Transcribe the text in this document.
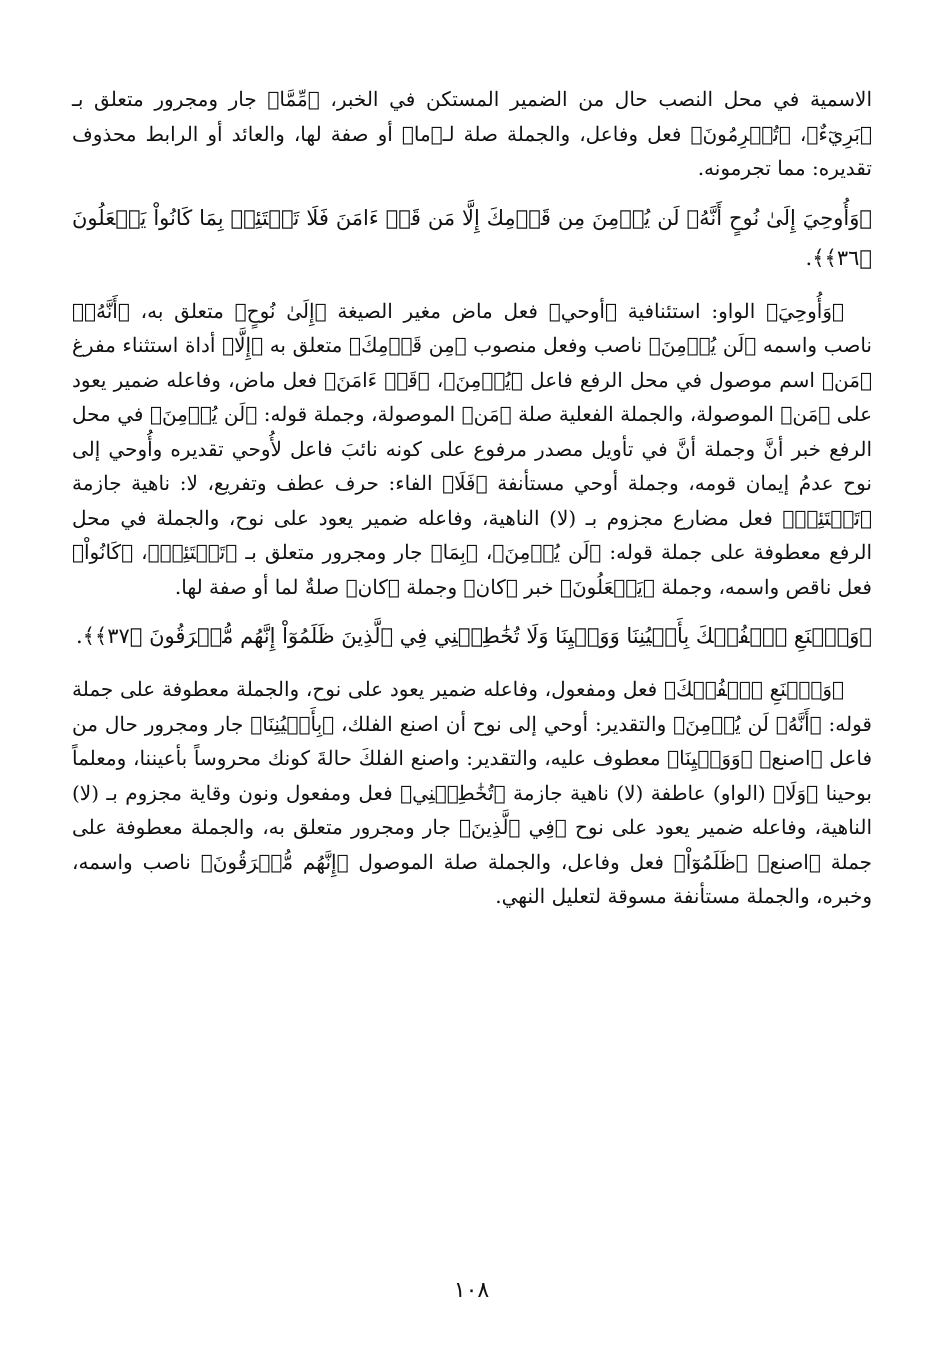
الاسمية في محل النصب حال من الضمير المستكن في الخبر، ﴿مِّمَّا﴾ جار ومجرور متعلق بـ ﴿بَرِيٓءٌ﴾، ﴿تُجۡرِمُونَ﴾ فعل وفاعل، والجملة صلة لـ﴿ما﴾ أو صفة لها، والعائد أو الرابط محذوف تقديره: مما تجرمونه.

﴿وَأُوحِيَ إِلَىٰ نُوحٍ أَنَّهُۥ لَن يُؤۡمِنَ مِن قَوۡمِكَ إِلَّا مَن قَدۡ ءَامَنَ فَلَا تَبۡتَئِسۡ بِمَا كَانُواْ يَفۡعَلُونَ ﴿٣٦﴾﴾.

﴿وَأُوحِيَ﴾ الواو: استئنافية ﴿أوحي﴾ فعل ماض مغير الصيغة ﴿إِلَىٰ نُوحٍ﴾ متعلق به، ﴿أَنَّهُۥ﴾ ناصب واسمه ﴿لَن يُؤۡمِنَ﴾ ناصب وفعل منصوب ﴿مِن قَوۡمِكَ﴾ متعلق به ﴿إِلَّا﴾ أداة استثناء مفرغ ﴿مَن﴾ اسم موصول في محل الرفع فاعل ﴿يُؤۡمِنَ﴾، ﴿قَدۡ ءَامَنَ﴾ فعل ماض، وفاعله ضمير يعود على ﴿مَن﴾ الموصولة، والجملة الفعلية صلة ﴿مَن﴾ الموصولة، وجملة قوله: ﴿لَن يُؤۡمِنَ﴾ في محل الرفع خبر أنَّ وجملة أنَّ في تأويل مصدر مرفوع على كونه نائبَ فاعل لأُوحي تقديره وأُوحي إلى نوح عدمُ إيمان قومه، وجملة أوحي مستأنفة ﴿فَلَا﴾ الفاء: حرف عطف وتفريع، لا: ناهية جازمة ﴿تَبۡتَئِسۡ﴾ فعل مضارع مجزوم بـ (لا) الناهية، وفاعله ضمير يعود على نوح، والجملة في محل الرفع معطوفة على جملة قوله: ﴿لَن يُؤۡمِنَ﴾، ﴿بِمَا﴾ جار ومجرور متعلق بـ ﴿تَبۡتَئِسۡ﴾، ﴿كَانُواْ﴾ فعل ناقص واسمه، وجملة ﴿يَفۡعَلُونَ﴾ خبر ﴿كان﴾ وجملة ﴿كان﴾ صلةٌ لما أو صفة لها.

﴿وَٱصۡنَعِ ٱلۡفُلۡكَ بِأَعۡيُنِنَا وَوَحۡيِنَا وَلَا تُخَٰطِبۡنِي فِي ٱلَّذِينَ ظَلَمُوٓاْ إِنَّهُم مُّغۡرَقُونَ ﴿٣٧﴾﴾.

﴿وَٱصۡنَعِ ٱلۡفُلۡكَ﴾ فعل ومفعول، وفاعله ضمير يعود على نوح، والجملة معطوفة على جملة قوله: ﴿أَنَّهُۥ لَن يُؤۡمِنَ﴾ والتقدير: أوحي إلى نوح أن اصنع الفلك، ﴿بِأَعۡيُنِنَا﴾ جار ومجرور حال من فاعل ﴿اصنع﴾ ﴿وَوَحۡيِنَا﴾ معطوف عليه، والتقدير: واصنع الفلكَ حالةَ كونك محروساً بأعيننا، ومعلماً بوحينا ﴿وَلَا﴾ (الواو) عاطفة (لا) ناهية جازمة ﴿تُخَٰطِبۡنِي﴾ فعل ومفعول ونون وقاية مجزوم بـ (لا) الناهية، وفاعله ضمير يعود على نوح ﴿فِي ٱلَّذِينَ﴾ جار ومجرور متعلق به، والجملة معطوفة على جملة ﴿اصنع﴾ ﴿ظَلَمُوٓاْ﴾ فعل وفاعل، والجملة صلة الموصول ﴿إِنَّهُم مُّغۡرَقُونَ﴾ ناصب واسمه، وخبره، والجملة مستأنفة مسوقة لتعليل النهي.

١٠٨
